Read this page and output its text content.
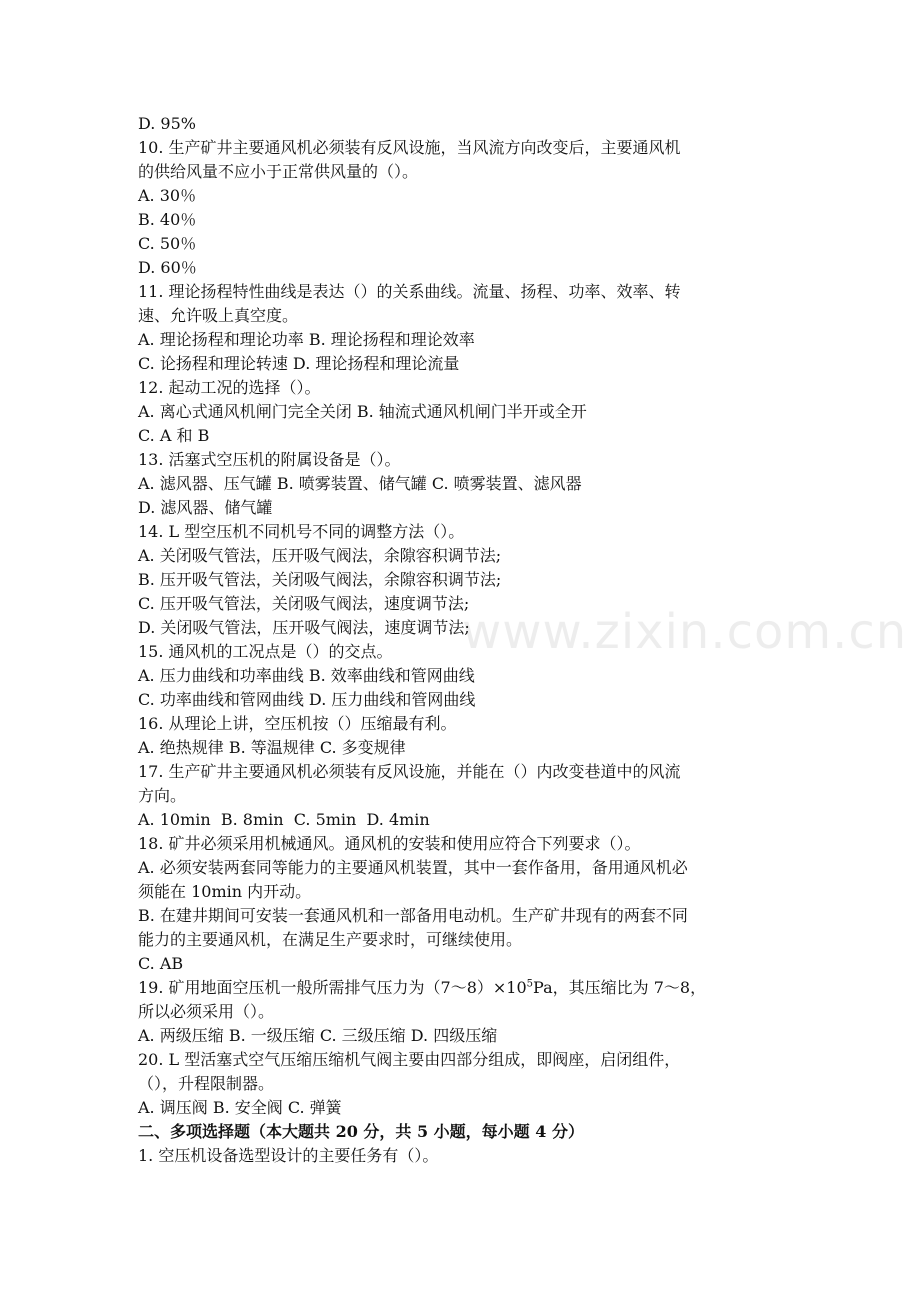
www.zixin.com.cn
D. 95%
10. 生产矿井主要通风机必须装有反风设施，当风流方向改变后，主要通风机
的供给风量不应小于正常供风量的（）。
A. 30％
B. 40％
C. 50％
D. 60％
11. 理论扬程特性曲线是表达（）的关系曲线。流量、扬程、功率、效率、转
速、允许吸上真空度。
A. 理论扬程和理论功率 B. 理论扬程和理论效率
C. 论扬程和理论转速 D. 理论扬程和理论流量
12. 起动工况的选择（）。
A. 离心式通风机闸门完全关闭 B. 轴流式通风机闸门半开或全开
C. A 和 B
13. 活塞式空压机的附属设备是（）。
A. 滤风器、压气罐 B. 喷雾装置、储气罐 C. 喷雾装置、滤风器
D. 滤风器、储气罐
14. L 型空压机不同机号不同的调整方法（）。
A. 关闭吸气管法，压开吸气阀法，余隙容积调节法;
B. 压开吸气管法，关闭吸气阀法，余隙容积调节法;
C. 压开吸气管法，关闭吸气阀法，速度调节法;
D. 关闭吸气管法，压开吸气阀法，速度调节法;
15. 通风机的工况点是（）的交点。
A. 压力曲线和功率曲线 B. 效率曲线和管网曲线
C. 功率曲线和管网曲线 D. 压力曲线和管网曲线
16. 从理论上讲，空压机按（）压缩最有利。
A. 绝热规律 B. 等温规律 C. 多变规律
17. 生产矿井主要通风机必须装有反风设施，并能在（）内改变巷道中的风流
方向。
A. 10min  B. 8min  C. 5min  D. 4min
18. 矿井必须采用机械通风。通风机的安装和使用应符合下列要求（）。
A. 必须安装两套同等能力的主要通风机装置，其中一套作备用，备用通风机必
须能在 10min 内开动。
B. 在建井期间可安装一套通风机和一部备用电动机。生产矿井现有的两套不同
能力的主要通风机，在满足生产要求时，可继续使用。
C. AB
19. 矿用地面空压机一般所需排气压力为$(7\sim 8)\times 10^5Pa$，其压缩比为 7～8，
所以必须采用（）。
A. 两级压缩 B. 一级压缩 C. 三级压缩 D. 四级压缩
20. L 型活塞式空气压缩压缩机气阀主要由四部分组成，即阀座，启闭组件，
（），升程限制器。
A. 调压阀 B. 安全阀 C. 弹簧
二、多项选择题（本大题共 20 分，共 5 小题，每小题 4 分）
1. 空压机设备选型设计的主要任务有（）。
